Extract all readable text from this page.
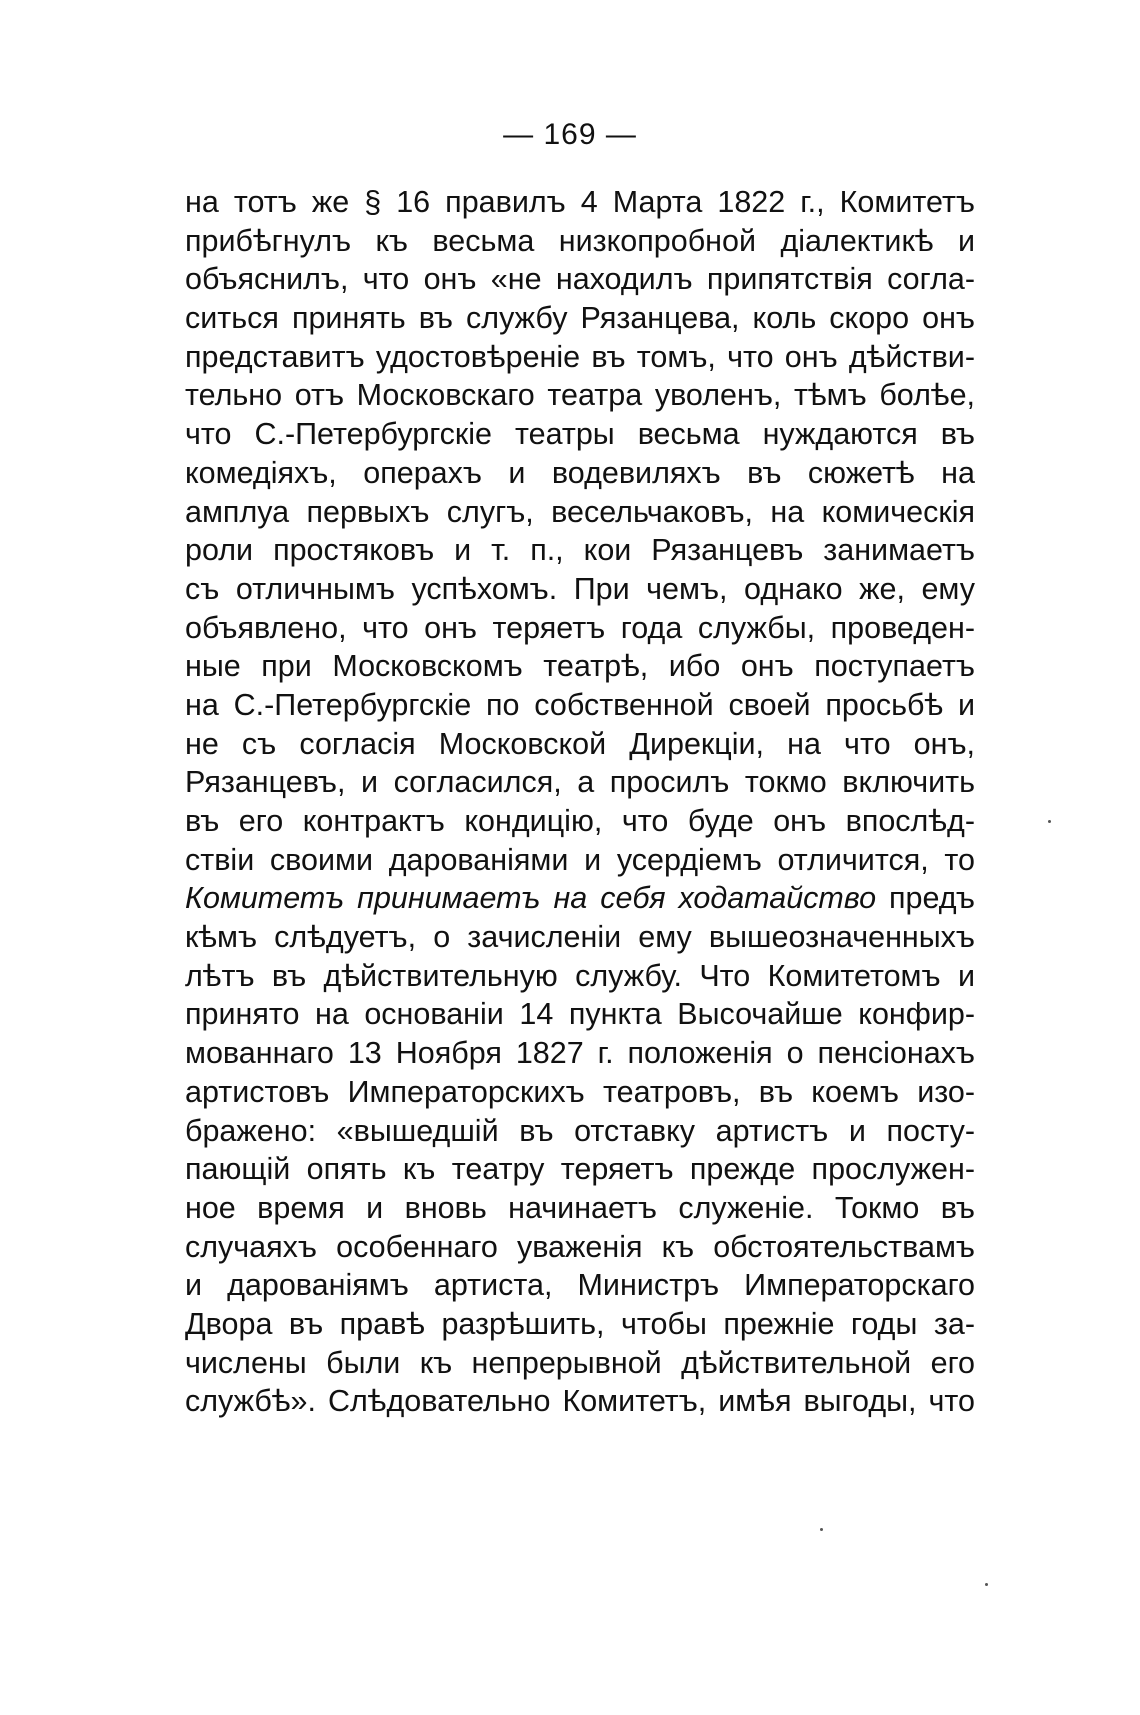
— 169 —
на тотъ же § 16 правилъ 4 Марта 1822 г., Комитетъ
прибѣгнулъ къ весьма низкопробной діалектикѣ и
объяснилъ, что онъ «не находилъ припятствія согла-
ситься принять въ службу Рязанцева, коль скоро онъ
представитъ удостовѣреніе въ томъ, что онъ дѣйстви-
тельно отъ Московскаго театра уволенъ, тѣмъ болѣе,
что С.-Петербургскіе театры весьма нуждаются въ
комедіяхъ, операхъ и водевиляхъ въ сюжетѣ на
амплуа первыхъ слугъ, весельчаковъ, на комическія
роли простяковъ и т. п., кои Рязанцевъ занимаетъ
съ отличнымъ успѣхомъ. При чемъ, однако же, ему
объявлено, что онъ теряетъ года службы, проведен-
ные при Московскомъ театрѣ, ибо онъ поступаетъ
на С.-Петербургскіе по собственной своей просьбѣ и
не съ согласія Московской Дирекціи, на что онъ,
Рязанцевъ, и согласился, а просилъ токмо включить
въ его контрактъ кондицію, что буде онъ впослѣд-
ствіи своими дарованіями и усердіемъ отличится, то
Комитетъ принимаетъ на себя ходатайство предъ
кѣмъ слѣдуетъ, о зачисленіи ему вышеозначенныхъ
лѣтъ въ дѣйствительную службу. Что Комитетомъ и
принято на основаніи 14 пункта Высочайше конфир-
мованнаго 13 Ноября 1827 г. положенія о пенсіонахъ
артистовъ Императорскихъ театровъ, въ коемъ изо-
бражено: «вышедшій въ отставку артистъ и посту-
пающій опять къ театру теряетъ прежде прослужен-
ное время и вновь начинаетъ служеніе. Токмо въ
случаяхъ особеннаго уваженія къ обстоятельствамъ
и дарованіямъ артиста, Министръ Императорскаго
Двора въ правѣ разрѣшить, чтобы прежніе годы за-
числены были къ непрерывной дѣйствительной его
службѣ». Слѣдовательно Комитетъ, имѣя выгоды, что
